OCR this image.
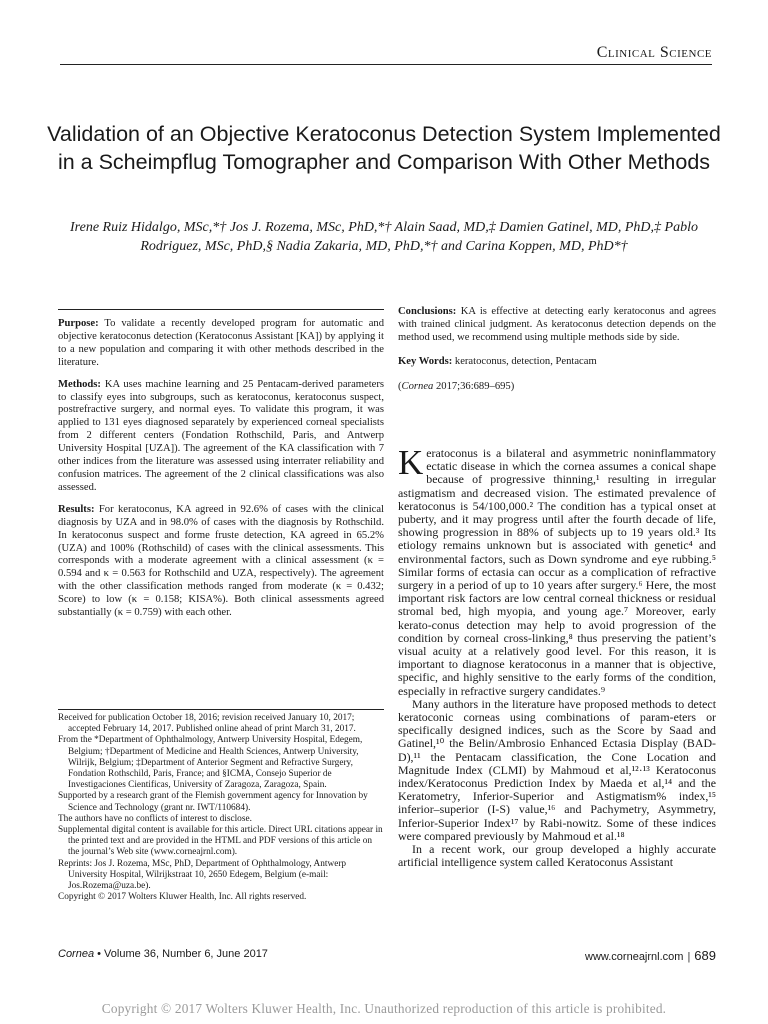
Clinical Science
Validation of an Objective Keratoconus Detection System Implemented in a Scheimpflug Tomographer and Comparison With Other Methods
Irene Ruiz Hidalgo, MSc,*† Jos J. Rozema, MSc, PhD,*† Alain Saad, MD,‡ Damien Gatinel, MD, PhD,‡ Pablo Rodriguez, MSc, PhD,§ Nadia Zakaria, MD, PhD,*† and Carina Koppen, MD, PhD*†

Purpose: To validate a recently developed program for automatic and objective keratoconus detection (Keratoconus Assistant [KA]) by applying it to a new population and comparing it with other methods described in the literature.

Methods: KA uses machine learning and 25 Pentacam-derived parameters to classify eyes into subgroups, such as keratoconus, keratoconus suspect, postrefractive surgery, and normal eyes. To validate this program, it was applied to 131 eyes diagnosed separately by experienced corneal specialists from 2 different centers (Fondation Rothschild, Paris, and Antwerp University Hospital [UZA]). The agreement of the KA classification with 7 other indices from the literature was assessed using interrater reliability and confusion matrices. The agreement of the 2 clinical classifications was also assessed.

Results: For keratoconus, KA agreed in 92.6% of cases with the clinical diagnosis by UZA and in 98.0% of cases with the diagnosis by Rothschild. In keratoconus suspect and forme fruste detection, KA agreed in 65.2% (UZA) and 100% (Rothschild) of cases with the clinical assessments. This corresponds with a moderate agreement with a clinical assessment (κ = 0.594 and κ = 0.563 for Rothschild and UZA, respectively). The agreement with the other classification methods ranged from moderate (κ = 0.432; Score) to low (κ = 0.158; KISA%). Both clinical assessments agreed substantially (κ = 0.759) with each other.

Conclusions: KA is effective at detecting early keratoconus and agrees with trained clinical judgment. As keratoconus detection depends on the method used, we recommend using multiple methods side by side.

Key Words: keratoconus, detection, Pentacam
(Cornea 2017;36:689–695)

Keratoconus is a bilateral and asymmetric noninflammatory ectatic disease in which the cornea assumes a conical shape because of progressive thinning,¹ resulting in irregular astigmatism and decreased vision. The estimated prevalence of keratoconus is 54/100,000.² The condition has a typical onset at puberty, and it may progress until after the fourth decade of life, showing progression in 88% of subjects up to 19 years old.³ Its etiology remains unknown but is associated with genetic⁴ and environmental factors, such as Down syndrome and eye rubbing.⁵ Similar forms of ectasia can occur as a complication of refractive surgery in a period of up to 10 years after surgery.⁶ Here, the most important risk factors are low central corneal thickness or residual stromal bed, high myopia, and young age.⁷ Moreover, early kerato-conus detection may help to avoid progression of the condition by corneal cross-linking,⁸ thus preserving the patient’s visual acuity at a relatively good level. For this reason, it is important to diagnose keratoconus in a manner that is objective, specific, and highly sensitive to the early forms of the condition, especially in refractive surgery candidates.⁹

Many authors in the literature have proposed methods to detect keratoconic corneas using combinations of param-eters or specifically designed indices, such as the Score by Saad and Gatinel,¹⁰ the Belin/Ambrosio Enhanced Ectasia Display (BAD-D),¹¹ the Pentacam classification, the Cone Location and Magnitude Index (CLMI) by Mahmoud et al,¹²·¹³ Keratoconus index/Keratoconus Prediction Index by Maeda et al,¹⁴ and the Keratometry, Inferior-Superior and Astigmatism% index,¹⁵ inferior–superior (I-S) value,¹⁶ and Pachymetry, Asymmetry, Inferior-Superior Index¹⁷ by Rabi-nowitz. Some of these indices were compared previously by Mahmoud et al.¹⁸

In a recent work, our group developed a highly accurate artificial intelligence system called Keratoconus Assistant

Received for publication October 18, 2016; revision received January 10, 2017; accepted February 14, 2017. Published online ahead of print March 31, 2017.

From the *Department of Ophthalmology, Antwerp University Hospital, Edegem, Belgium; †Department of Medicine and Health Sciences, Antwerp University, Wilrijk, Belgium; ‡Department of Anterior Segment and Refractive Surgery, Fondation Rothschild, Paris, France; and §ICMA, Consejo Superior de Investigaciones Cientificas, University of Zaragoza, Zaragoza, Spain.

Supported by a research grant of the Flemish government agency for Innovation by Science and Technology (grant nr. IWT/110684).

The authors have no conflicts of interest to disclose.

Supplemental digital content is available for this article. Direct URL citations appear in the printed text and are provided in the HTML and PDF versions of this article on the journal’s Web site (www.corneajrnl.com).

Reprints: Jos J. Rozema, MSc, PhD, Department of Ophthalmology, Antwerp University Hospital, Wilrijkstraat 10, 2650 Edegem, Belgium (e-mail: Jos.Rozema@uza.be).

Copyright © 2017 Wolters Kluwer Health, Inc. All rights reserved.

Cornea • Volume 36, Number 6, June 2017	www.corneajrnl.com | 689
Copyright © 2017 Wolters Kluwer Health, Inc. Unauthorized reproduction of this article is prohibited.
